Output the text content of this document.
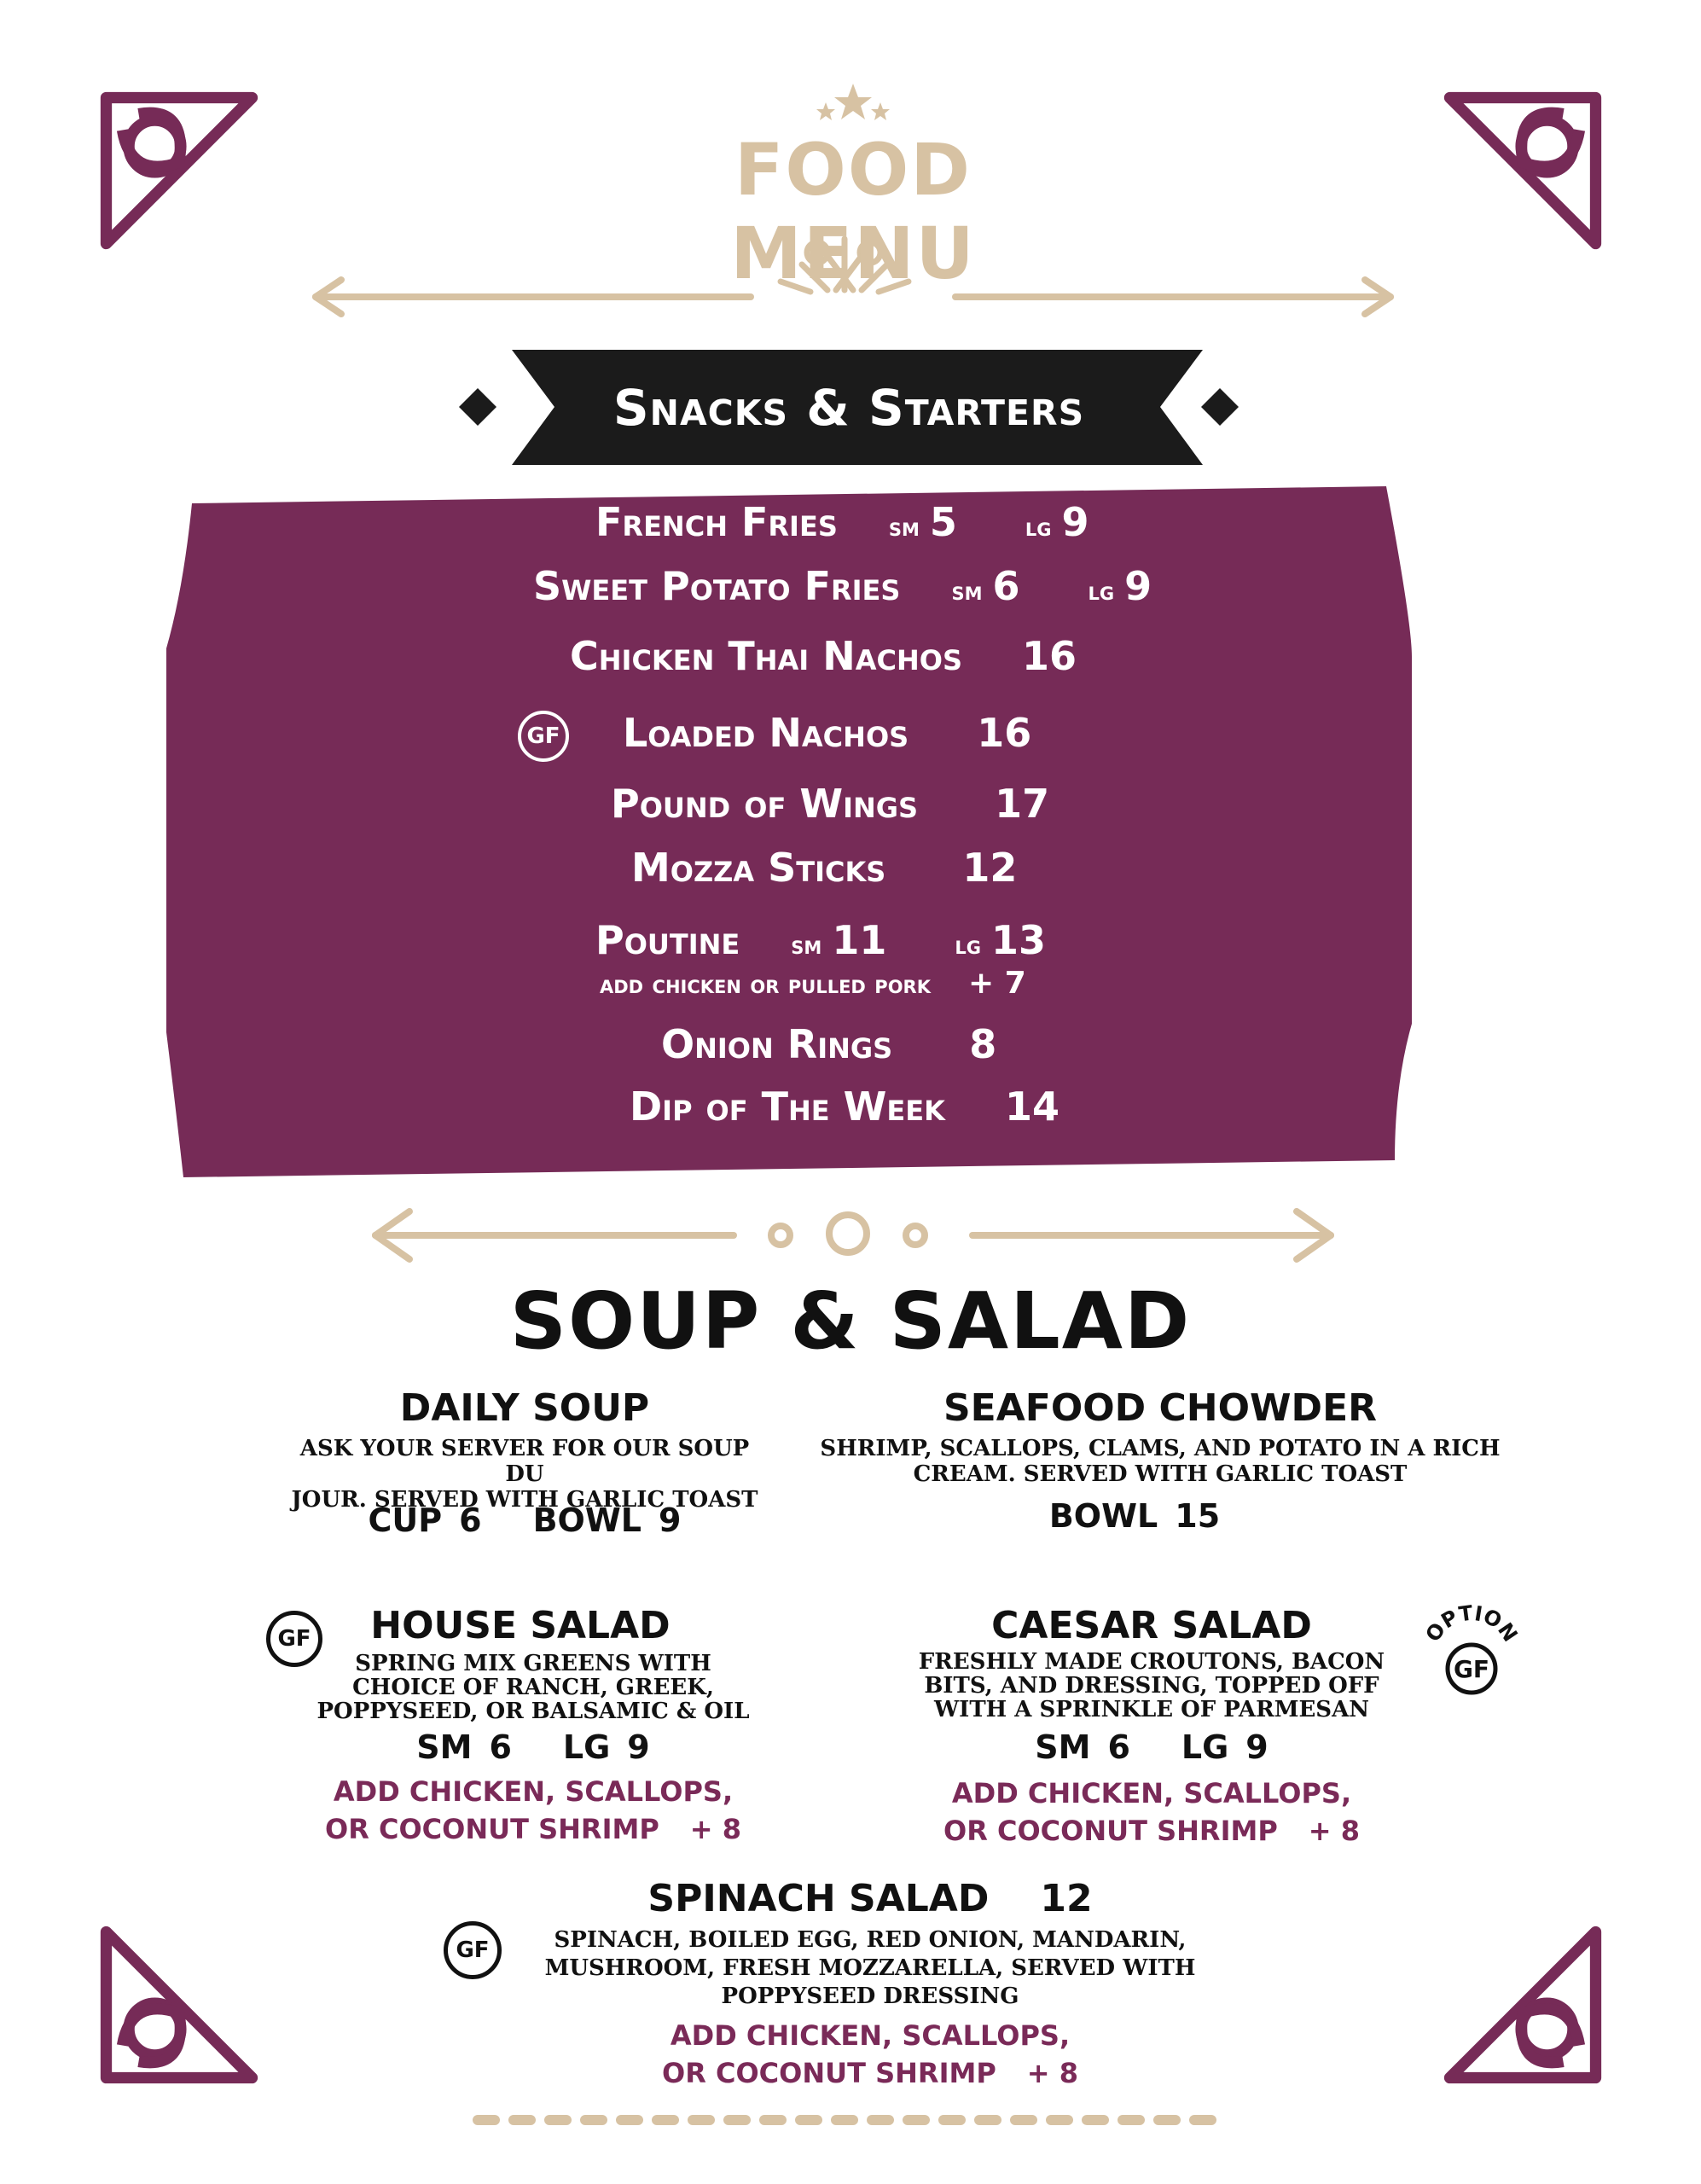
FOOD MENU
Snacks & Starters
French Fries sm 5	lg 9
Sweet Potato Fries sm 6	lg 9
Chicken Thai Nachos 16
GF Loaded Nachos 16
Pound of Wings 17
Mozza Sticks 12
Poutine sm 11	lg 13
add chicken or pulled pork + 7
Onion Rings 8
Dip of The Week 14
SOUP & SALAD
DAILY SOUP
ASK YOUR SERVER FOR OUR SOUP DU
JOUR. SERVED WITH GARLIC TOAST
CUP 6 BOWL 9
SEAFOOD CHOWDER
SHRIMP, SCALLOPS, CLAMS, AND POTATO IN A RICH
CREAM. SERVED WITH GARLIC TOAST
BOWL 15
GF	HOUSE SALAD
SPRING MIX GREENS WITH
CHOICE OF RANCH, GREEK,
POPPYSEED, OR BALSAMIC & OIL
SM 6 LG 9
ADD CHICKEN, SCALLOPS,
OR COCONUT SHRIMP + 8
CAESAR SALAD	OPTION
GF
FRESHLY MADE CROUTONS, BACON
BITS, AND DRESSING, TOPPED OFF
WITH A SPRINKLE OF PARMESAN
SM 6 LG 9
ADD CHICKEN, SCALLOPS,
OR COCONUT SHRIMP + 8
GF
SPINACH SALAD 12
SPINACH, BOILED EGG, RED ONION, MANDARIN,
MUSHROOM, FRESH MOZZARELLA, SERVED WITH
POPPYSEED DRESSING
ADD CHICKEN, SCALLOPS,
OR COCONUT SHRIMP + 8
